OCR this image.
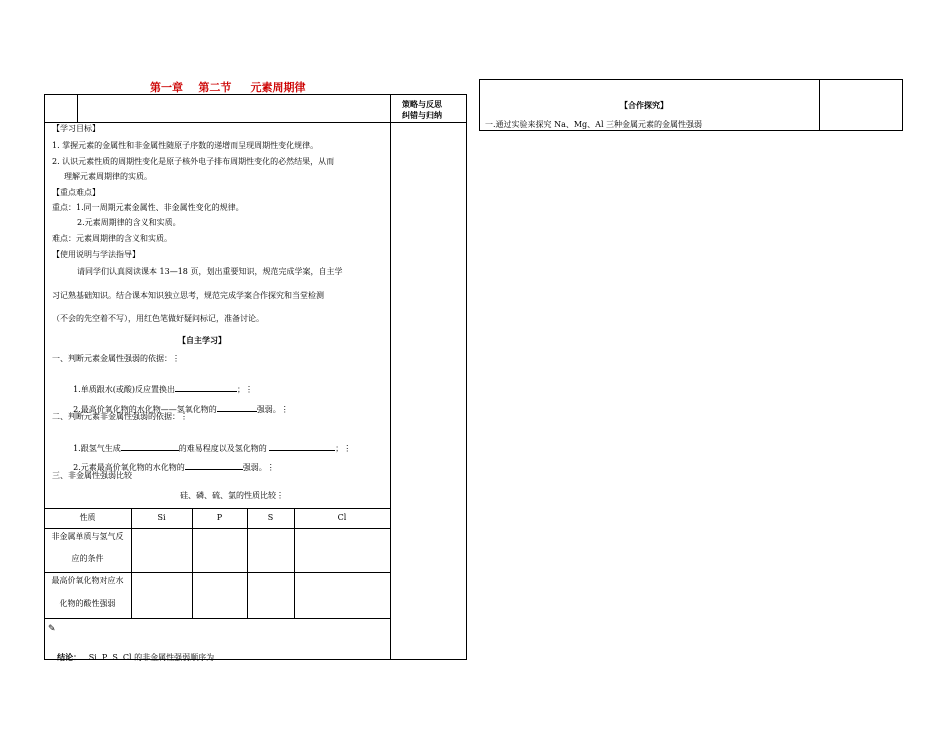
第一章    第二节     元素周期律
策略与反思
纠错与归纳
【学习目标】
1. 掌握元素的金属性和非金属性随原子序数的递增而呈现周期性变化规律。
2. 认识元素性质的周期性变化是原子核外电子排布周期性变化的必然结果，从而
理解元素周期律的实质。
【重点难点】
重点：1.同一周期元素金属性、非金属性变化的规律。
2.元素周期律的含义和实质。
难点：元素周期律的含义和实质。
【使用说明与学法指导】
请同学们认真阅读课本 13—18 页，划出重要知识，规范完成学案，自主学
习记熟基础知识。结合课本知识独立思考，规范完成学案合作探究和当堂检测
（不会的先空着不写），用红色笔做好疑问标记，准备讨论。
【自主学习】
一、判断元素金属性强弱的依据：⋮

1.单质跟水(或酸)反应置换出	；⋮

2.最高价氧化物的水化物——氢氧化物的	强弱。⋮

二、判断元素非金属性强弱的依据：⋮

1.跟氢气生成	的难易程度以及氢化物的	；⋮

2.元素最高价氧化物的水化物的	强弱。⋮

三、非金属性强弱比较
硅、磷、硫、氯的性质比较⋮
性质	Si	P	S	Cl
非金属单质与氢气反
应的条件
最高价氧化物对应水
化物的酸性强弱
✎

结论： Si  P  S  Cl 的非金属性强弱顺序为

【合作探究】
一.通过实验来探究 Na、Mg、Al 三种金属元素的金属性强弱
